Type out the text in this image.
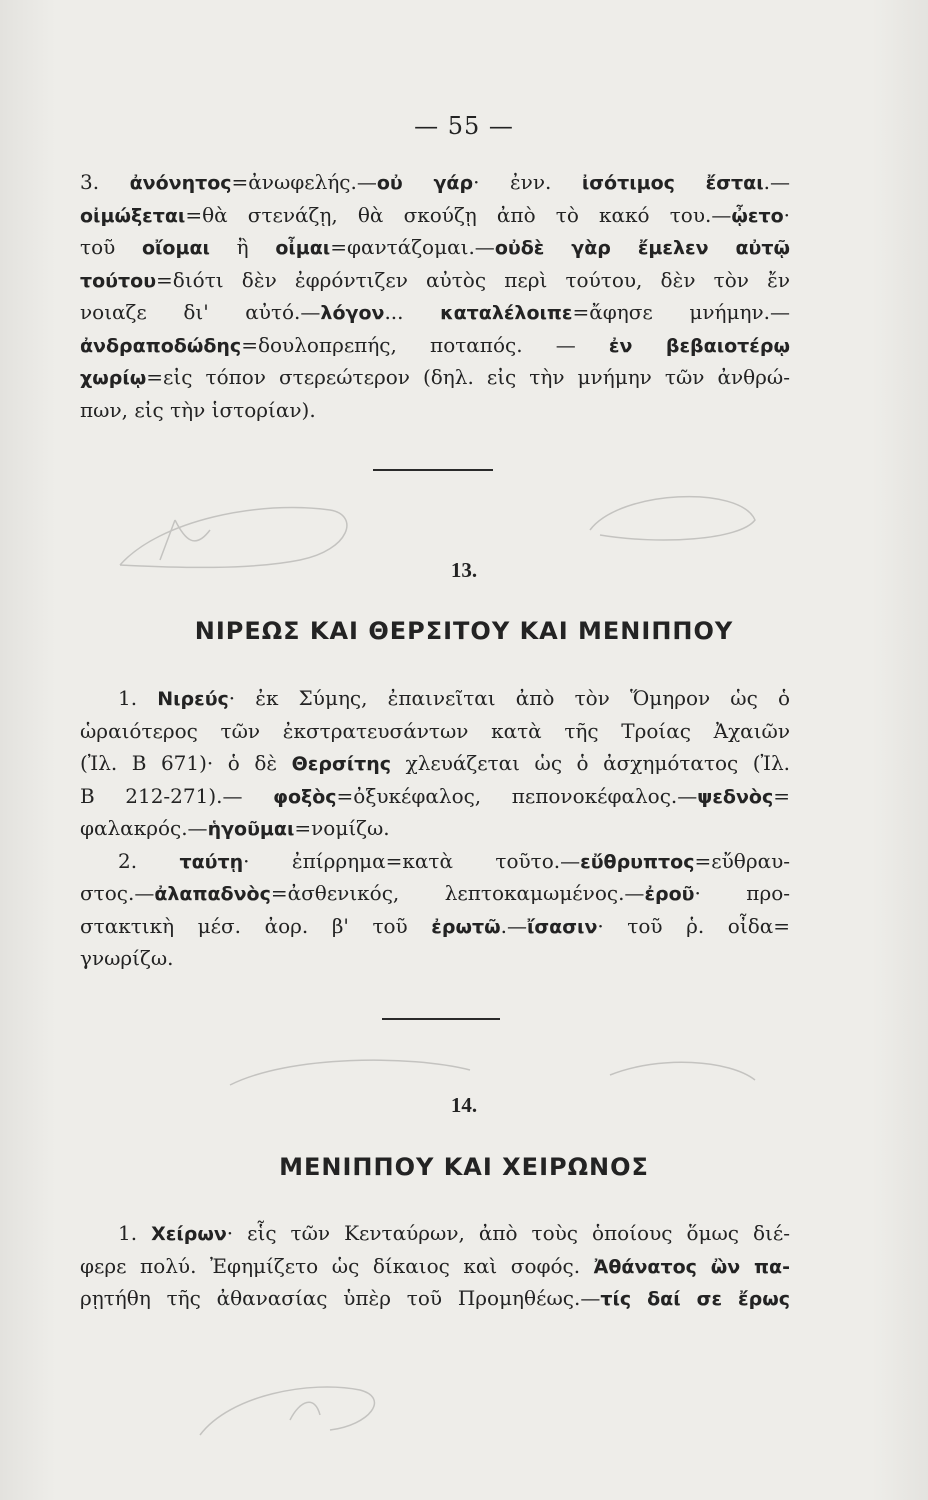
— 55 —
3. ἀνόνητος=ἀνωφελής.—οὐ γάρ· ἐνν. ἰσότιμος ἔσται.—
οἰμώξεται=θὰ στενάζῃ, θὰ σκούζῃ ἀπὸ τὸ κακό του.—ᾦετο·
τοῦ οἴομαι ἢ οἶμαι=φαντάζομαι.—οὐδὲ γὰρ ἔμελεν αὐτῷ
τούτου=διότι δὲν ἐφρόντιζεν αὐτὸς περὶ τούτου, δὲν τὸν ἔν
νοιαζε δι' αὐτό.—λόγον... καταλέλοιπε=ἄφησε μνήμην.—
ἀνδραποδώδης=δουλοπρεπής, ποταπός. — ἐν βεβαιοτέρῳ
χωρίῳ=εἰς τόπον στερεώτερον (δηλ. εἰς τὴν μνήμην τῶν ἀνθρώ-
πων, εἰς τὴν ἱστορίαν).
13.
ΝΙΡΕΩΣ ΚΑΙ ΘΕΡΣΙΤΟΥ ΚΑΙ ΜΕΝΙΠΠΟΥ
1. Νιρεύς· ἐκ Σύμης, ἐπαινεῖται ἀπὸ τὸν Ὅμηρον ὡς ὁ
ὡραιότερος τῶν ἐκστρατευσάντων κατὰ τῆς Τροίας Ἀχαιῶν
(Ἰλ. Β 671)· ὁ δὲ Θερσίτης χλευάζεται ὡς ὁ ἀσχημότατος (Ἰλ.
Β 212-271).— φοξὸς=ὀξυκέφαλος, πεπονοκέφαλος.—ψεδνὸς=
φαλακρός.—ἡγοῦμαι=νομίζω.
2. ταύτῃ· ἐπίρρημα=κατὰ τοῦτο.—εὔθρυπτος=εὔθραυ-
στος.—ἀλαπαδνὸς=ἀσθενικός, λεπτοκαμωμένος.—ἐροῦ· προ-
στακτικὴ μέσ. ἀορ. β' τοῦ ἐρωτῶ.—ἴσασιν· τοῦ ῥ. οἶδα=
γνωρίζω.
14.
ΜΕΝΙΠΠΟΥ ΚΑΙ ΧΕΙΡΩΝΟΣ
1. Χείρων· εἷς τῶν Κενταύρων, ἀπὸ τοὺς ὁποίους ὅμως διέ-
φερε πολύ. Ἐφημίζετο ὡς δίκαιος καὶ σοφός. Ἀθάνατος ὢν πα-
ρῃτήθη τῆς ἀθανασίας ὑπὲρ τοῦ Προμηθέως.—τίς δαί σε ἔρως
